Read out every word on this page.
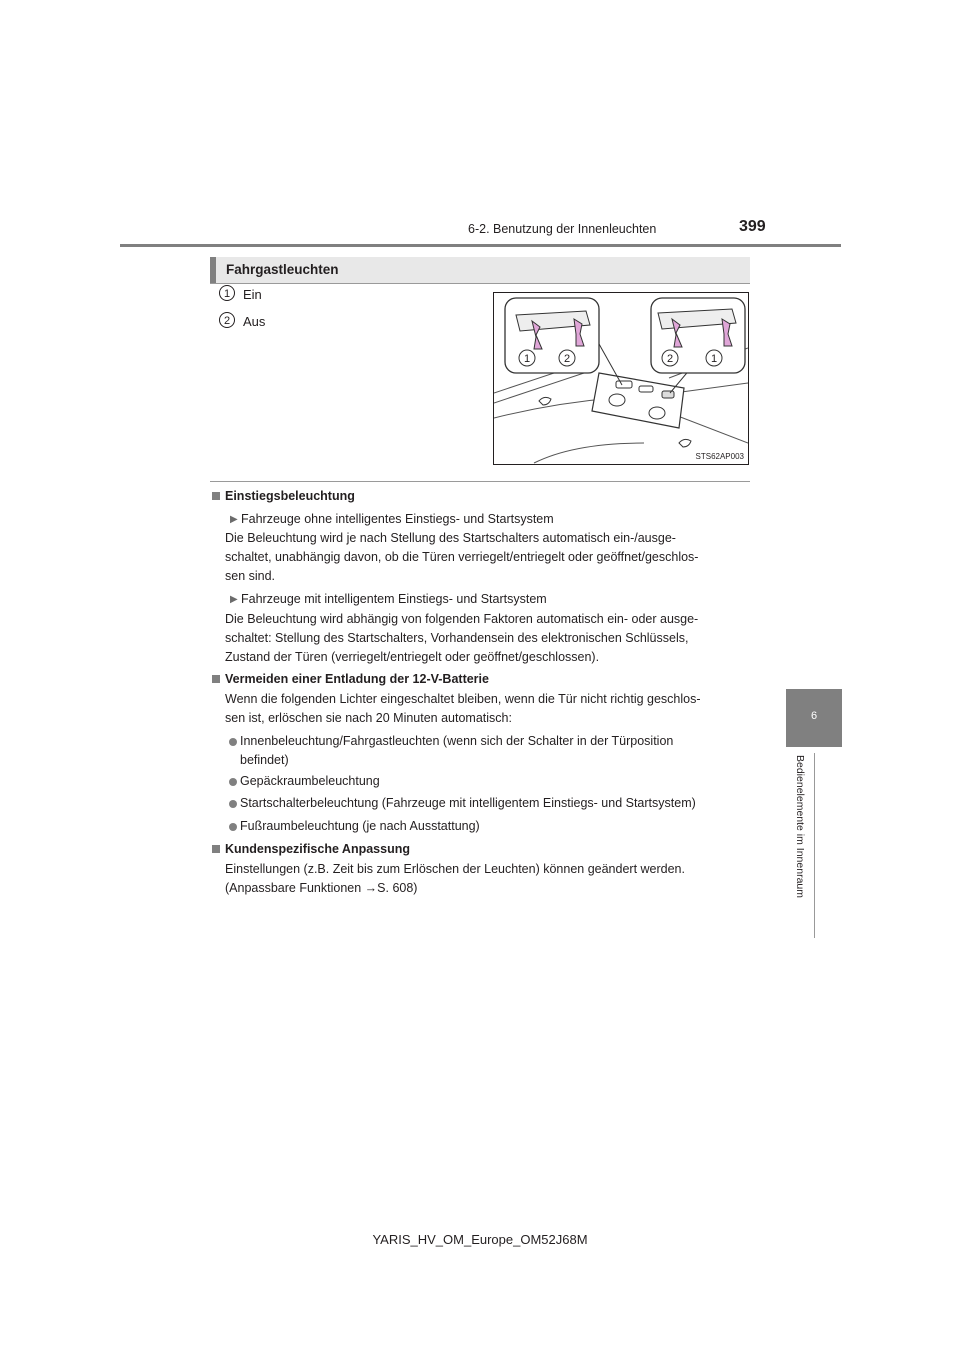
6-2. Benutzung der Innenleuchten	399
6
Bedienelemente im Innenraum
Fahrgastleuchten
1 Ein
2 Aus
1	2	2	1
STS62AP003
Einstiegsbeleuchtung
▶ Fahrzeuge ohne intelligentes Einstiegs- und Startsystem
Die Beleuchtung wird je nach Stellung des Startschalters automatisch ein-/ausge-
schaltet, unabhängig davon, ob die Türen verriegelt/entriegelt oder geöffnet/geschlos-
sen sind.
▶ Fahrzeuge mit intelligentem Einstiegs- und Startsystem
Die Beleuchtung wird abhängig von folgenden Faktoren automatisch ein- oder ausge-
schaltet: Stellung des Startschalters, Vorhandensein des elektronischen Schlüssels,
Zustand der Türen (verriegelt/entriegelt oder geöffnet/geschlossen).
Vermeiden einer Entladung der 12-V-Batterie
Wenn die folgenden Lichter eingeschaltet bleiben, wenn die Tür nicht richtig geschlos-
sen ist, erlöschen sie nach 20 Minuten automatisch:
Innenbeleuchtung/Fahrgastleuchten (wenn sich der Schalter in der Türposition
befindet)
Gepäckraumbeleuchtung
Startschalterbeleuchtung (Fahrzeuge mit intelligentem Einstiegs- und Startsystem)
Fußraumbeleuchtung (je nach Ausstattung)
Kundenspezifische Anpassung
Einstellungen (z.B. Zeit bis zum Erlöschen der Leuchten) können geändert werden.
(Anpassbare Funktionen →S. 608)
YARIS_HV_OM_Europe_OM52J68M
